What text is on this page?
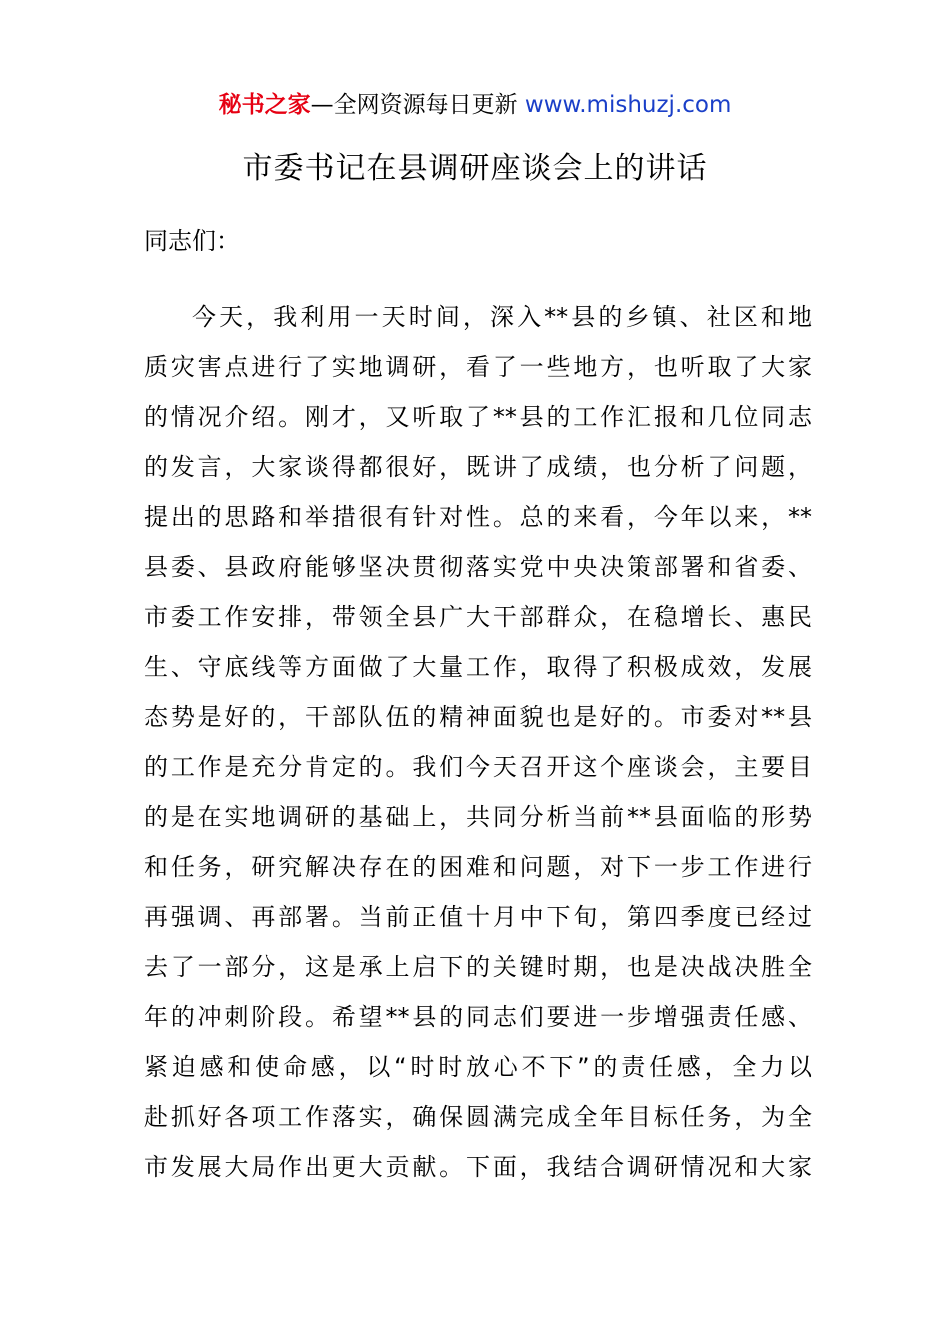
秘书之家—全网资源每日更新 www.mishuzj.com
市委书记在县调研座谈会上的讲话
同志们：
今天，我利用一天时间，深入**县的乡镇、社区和地
质灾害点进行了实地调研，看了一些地方，也听取了大家
的情况介绍。刚才，又听取了**县的工作汇报和几位同志
的发言，大家谈得都很好，既讲了成绩，也分析了问题，
提出的思路和举措很有针对性。总的来看，今年以来，**
县委、县政府能够坚决贯彻落实党中央决策部署和省委、
市委工作安排，带领全县广大干部群众，在稳增长、惠民
生、守底线等方面做了大量工作，取得了积极成效，发展
态势是好的，干部队伍的精神面貌也是好的。市委对**县
的工作是充分肯定的。我们今天召开这个座谈会，主要目
的是在实地调研的基础上，共同分析当前**县面临的形势
和任务，研究解决存在的困难和问题，对下一步工作进行
再强调、再部署。当前正值十月中下旬，第四季度已经过
去了一部分，这是承上启下的关键时期，也是决战决胜全
年的冲刺阶段。希望**县的同志们要进一步增强责任感、
紧迫感和使命感，以“时时放心不下”的责任感，全力以
赴抓好各项工作落实，确保圆满完成全年目标任务，为全
市发展大局作出更大贡献。下面，我结合调研情况和大家
